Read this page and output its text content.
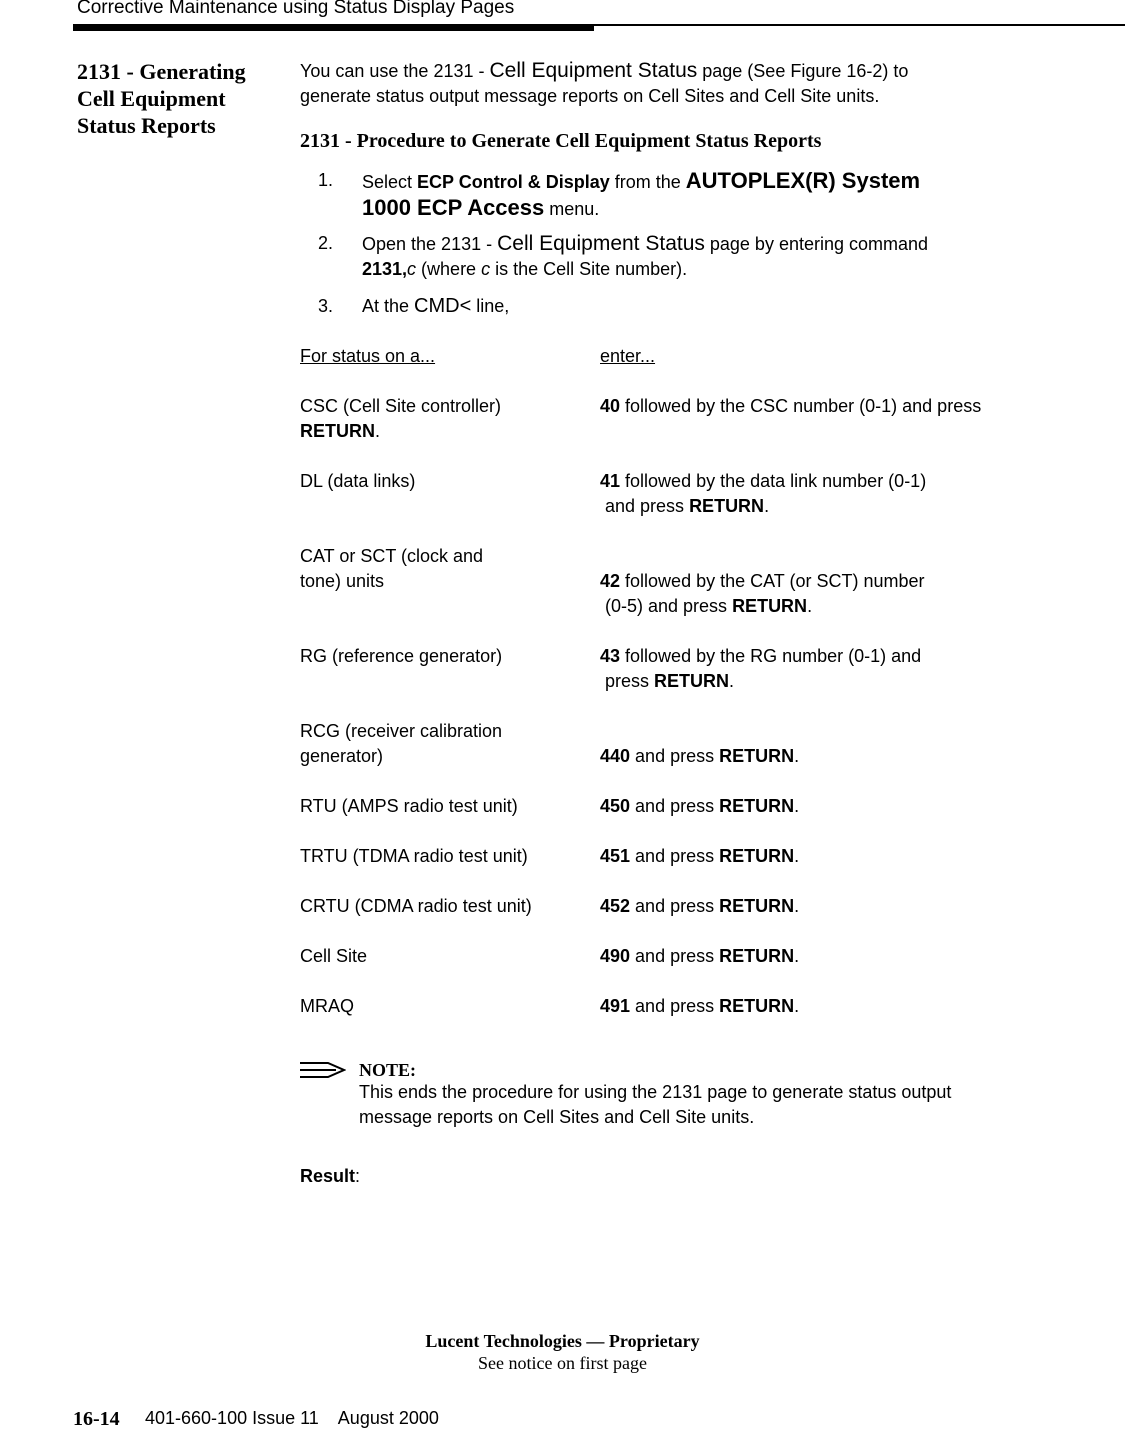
Corrective Maintenance using Status Display Pages
2131 - Generating
Cell Equipment
Status Reports
You can use the 2131 - Cell Equipment Status page (See Figure 16-2) to
generate status output message reports on Cell Sites and Cell Site units.
2131 - Procedure to Generate Cell Equipment Status Reports
1. Select ECP Control & Display from the AUTOPLEX(R) System
1000 ECP Access menu.
2. Open the 2131 - Cell Equipment Status page by entering command
2131,c (where c is the Cell Site number).
3. At the CMD< line,
For status on a...	enter...
CSC (Cell Site controller)	40 followed by the CSC number (0-1) and press
RETURN.
DL (data links)	41 followed by the data link number (0-1)
and press RETURN.
CAT or SCT (clock and
tone) units	42 followed by the CAT (or SCT) number
(0-5) and press RETURN.
RG (reference generator)	43 followed by the RG number (0-1) and
press RETURN.
RCG (receiver calibration
generator)	440 and press RETURN.
RTU (AMPS radio test unit)	450 and press RETURN.
TRTU (TDMA radio test unit)	451 and press RETURN.
CRTU (CDMA radio test unit)	452 and press RETURN.
Cell Site	490 and press RETURN.
MRAQ	491 and press RETURN.
NOTE:
This ends the procedure for using the 2131 page to generate status output
message reports on Cell Sites and Cell Site units.
Result:
Lucent Technologies — Proprietary
See notice on first page
16-14 401-660-100 Issue 11    August 2000
